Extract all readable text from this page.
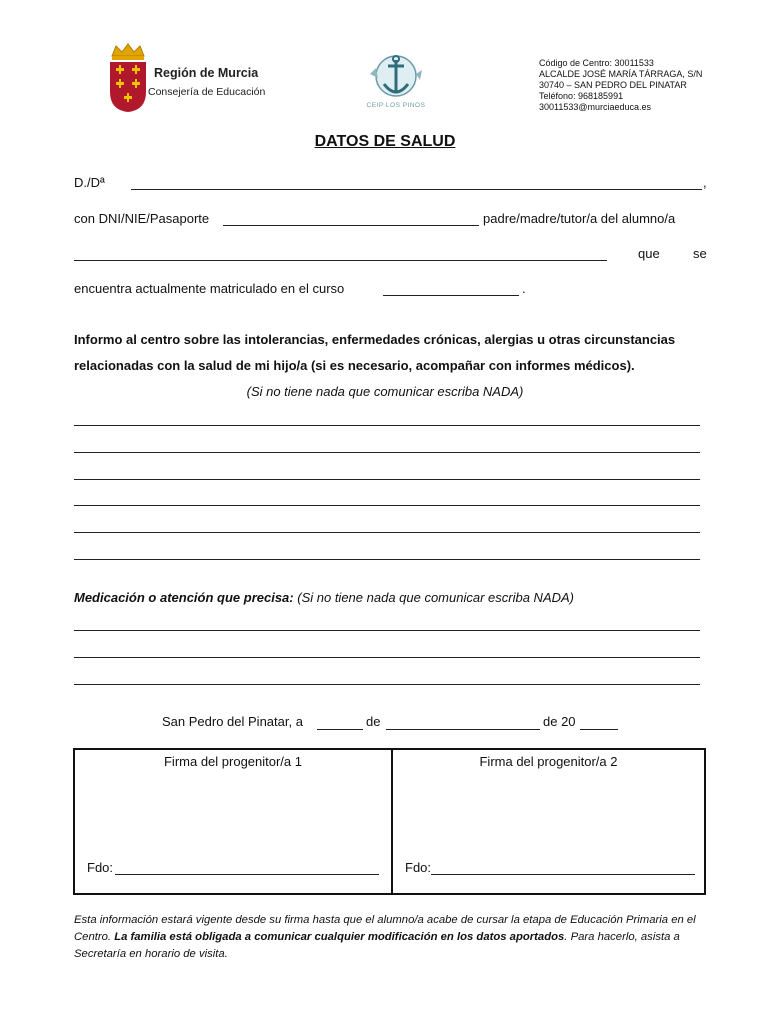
Región de Murcia
Consejería de Educación
CEIP LOS PINOS
Código de Centro: 30011533
ALCALDE JOSÉ MARÍA TÁRRAGA, S/N
30740 – SAN PEDRO DEL PINATAR
Teléfono: 968185991
30011533@murciaeduca.es
DATOS DE SALUD
D./Dª	,
con DNI/NIE/Pasaporte	padre/madre/tutor/a del alumno/a
que	se
encuentra actualmente matriculado en el curso	.
Informo al centro sobre las intolerancias, enfermedades crónicas, alergias u otras circunstancias
relacionadas con la salud de mi hijo/a (si es necesario, acompañar con informes médicos).
(Si no tiene nada que comunicar escriba NADA)
Medicación o atención que precisa: (Si no tiene nada que comunicar escriba NADA)
San Pedro del Pinatar, a	de	de 20
Firma del progenitor/a 1
Fdo:
Firma del progenitor/a 2
Fdo:
Esta información estará vigente desde su firma hasta que el alumno/a acabe de cursar la etapa de Educación Primaria en el Centro. La familia está obligada a comunicar cualquier modificación en los datos aportados. Para hacerlo, asista a Secretaría en horario de visita.
